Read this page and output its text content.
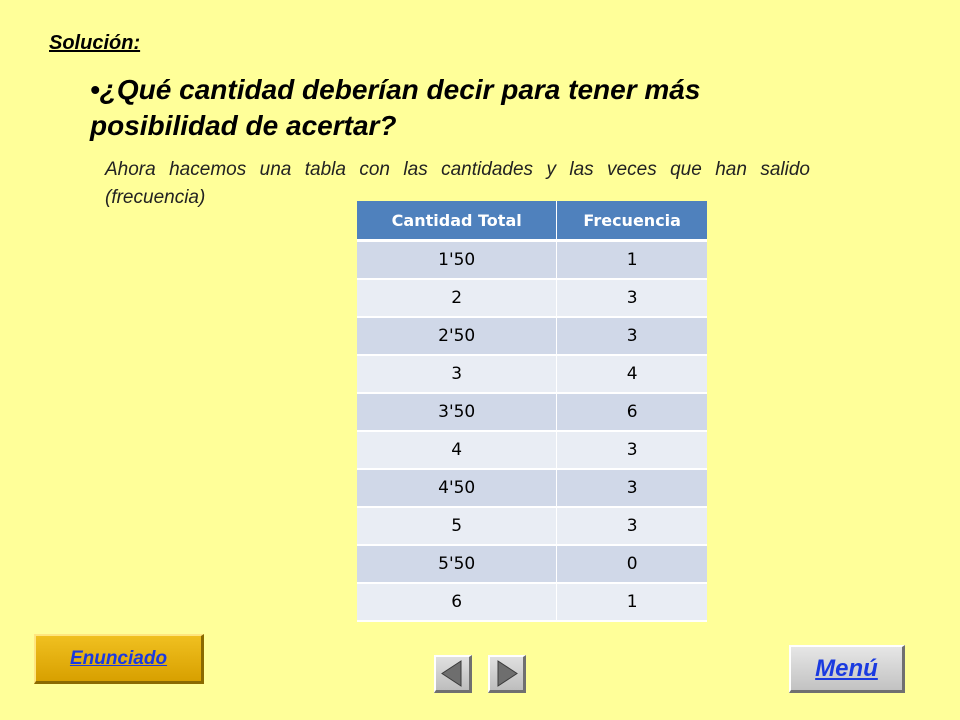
Solución:
•¿Qué cantidad deberían decir para tener más posibilidad de acertar?
Ahora hacemos una tabla con las cantidades y las veces que han salido (frecuencia)
Cantidad Total	Frecuencia
1'50	1
2	3
2'50	3
3	4
3'50	6
4	3
4'50	3
5	3
5'50	0
6	1
Enunciado	Menú
